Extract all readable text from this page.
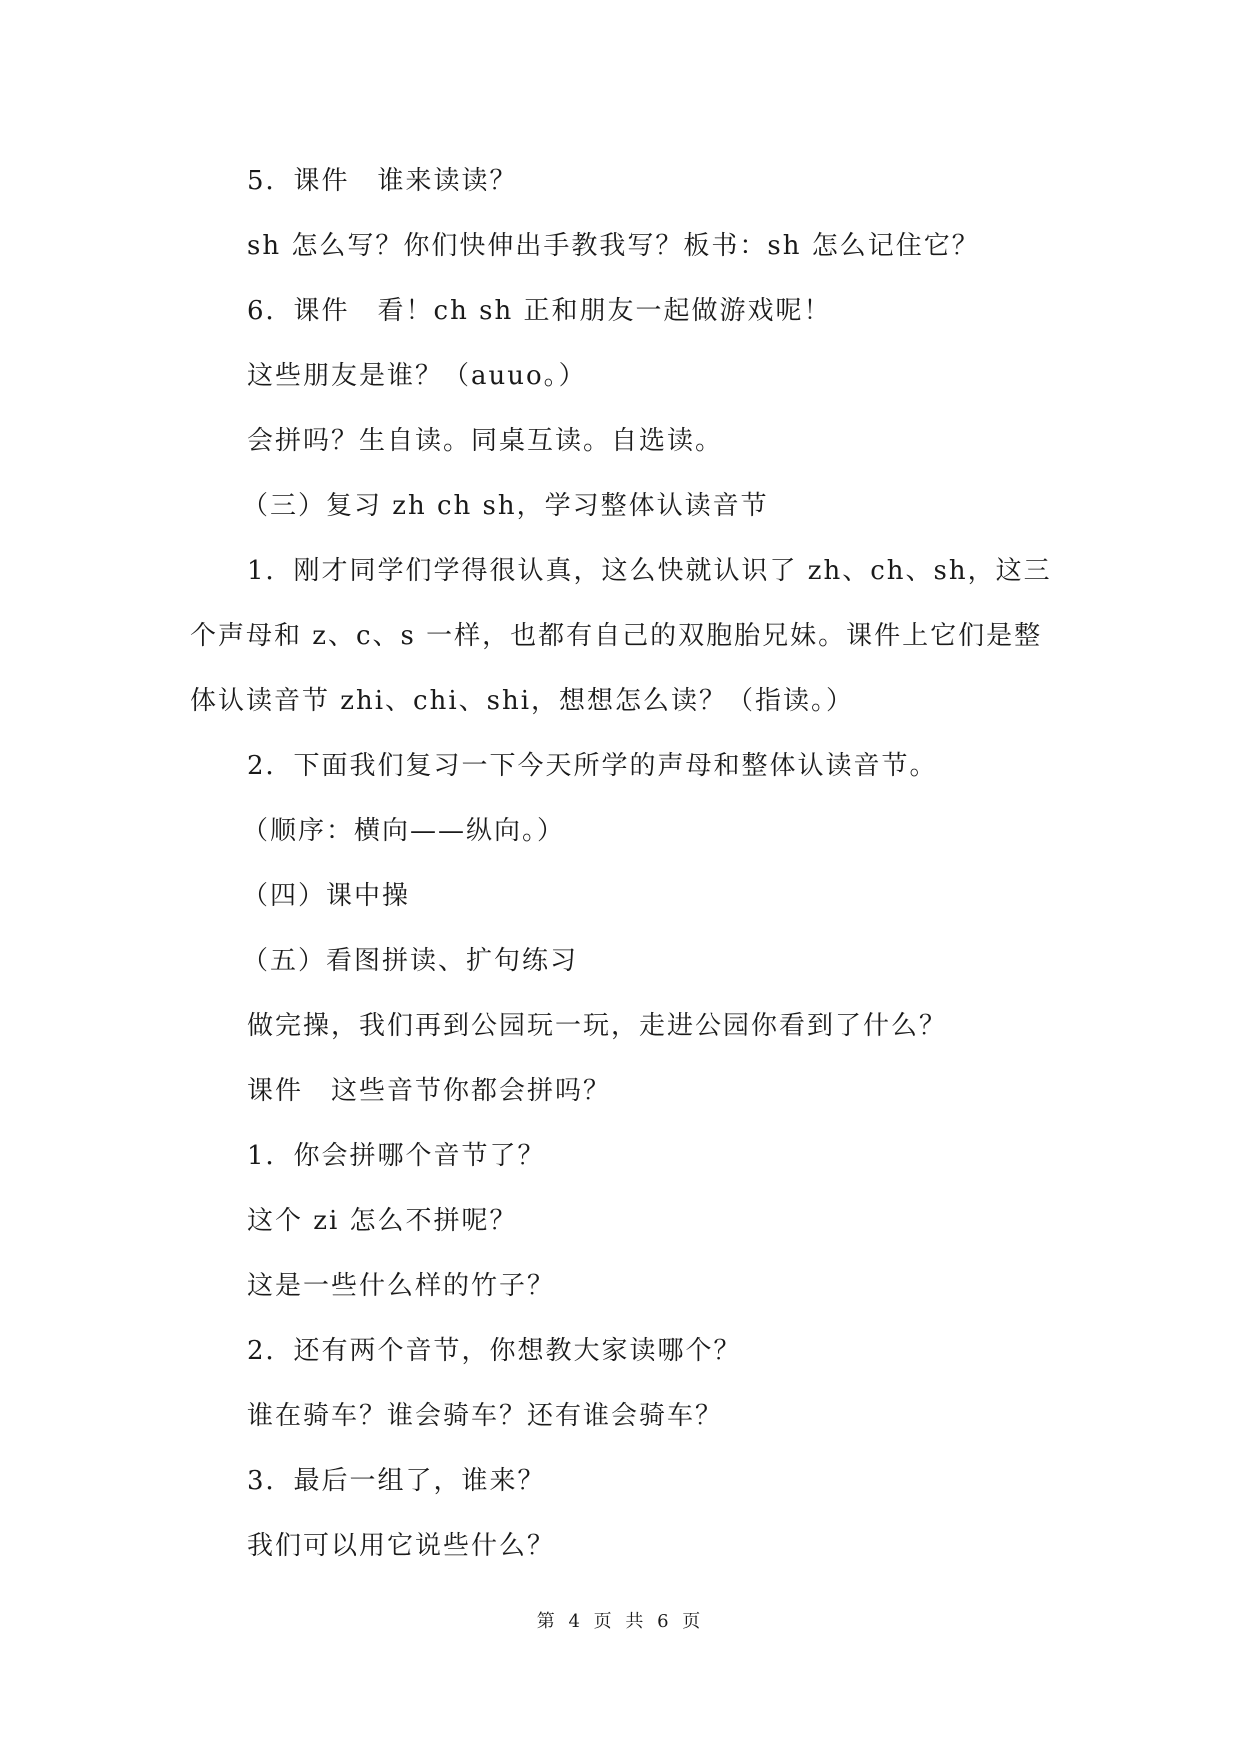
5．课件　谁来读读？
sh 怎么写？你们快伸出手教我写？板书：sh 怎么记住它？
6．课件　看！ch sh 正和朋友一起做游戏呢！
这些朋友是谁？（auuo。）
会拼吗？生自读。同桌互读。自选读。
（三）复习 zh ch sh，学习整体认读音节
1．刚才同学们学得很认真，这么快就认识了 zh、ch、sh，这三
个声母和 z、c、s 一样，也都有自己的双胞胎兄妹。课件上它们是整
体认读音节 zhi、chi、shi，想想怎么读？（指读。）
2．下面我们复习一下今天所学的声母和整体认读音节。
（顺序：横向——纵向。）
（四）课中操
（五）看图拼读、扩句练习
做完操，我们再到公园玩一玩，走进公园你看到了什么？
课件　这些音节你都会拼吗？
1．你会拼哪个音节了？
这个 zi 怎么不拼呢？
这是一些什么样的竹子？
2．还有两个音节，你想教大家读哪个？
谁在骑车？谁会骑车？还有谁会骑车？
3．最后一组了，谁来？
我们可以用它说些什么？
第 4 页 共 6 页
